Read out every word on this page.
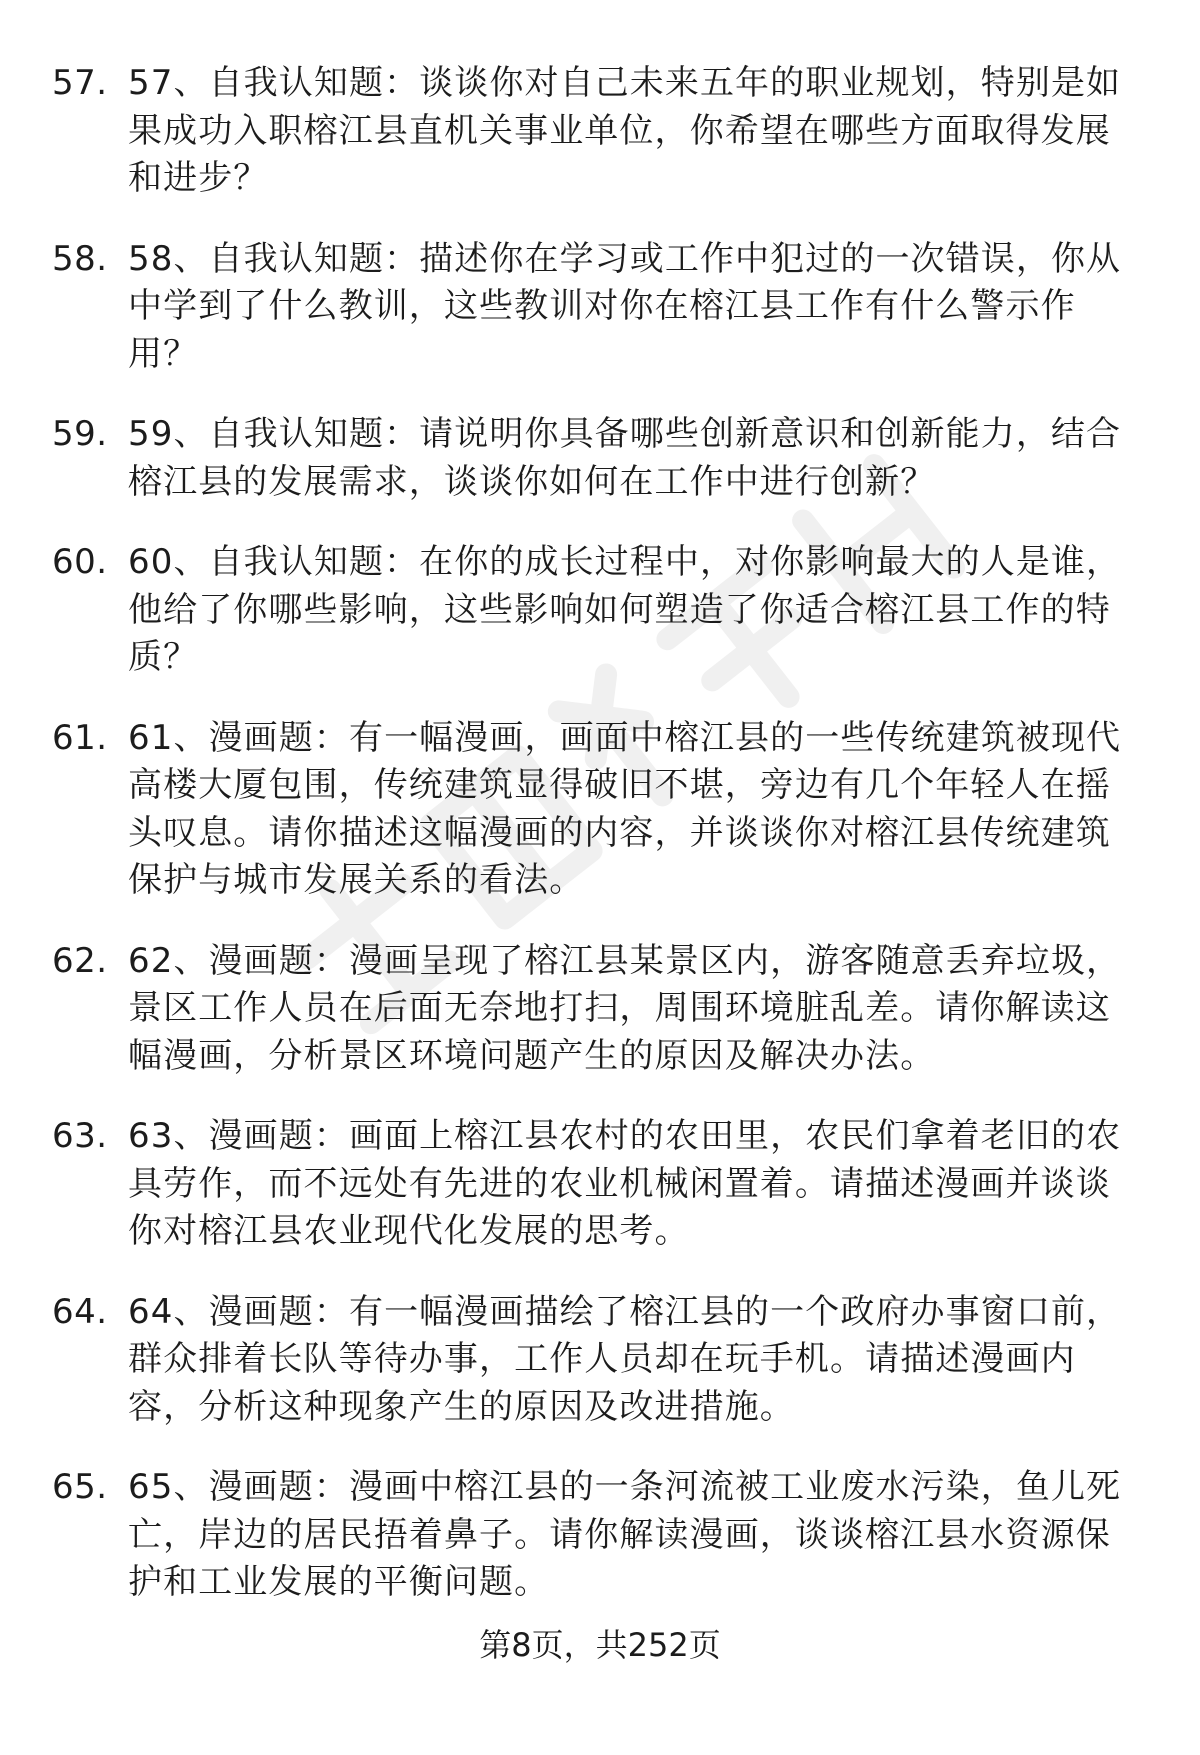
57. 57、自我认知题：谈谈你对自己未来五年的职业规划，特别是如果成功入职榕江县直机关事业单位，你希望在哪些方面取得发展和进步？
58. 58、自我认知题：描述你在学习或工作中犯过的一次错误，你从中学到了什么教训，这些教训对你在榕江县工作有什么警示作用？
59. 59、自我认知题：请说明你具备哪些创新意识和创新能力，结合榕江县的发展需求，谈谈你如何在工作中进行创新？
60. 60、自我认知题：在你的成长过程中，对你影响最大的人是谁，他给了你哪些影响，这些影响如何塑造了你适合榕江县工作的特质？
61. 61、漫画题：有一幅漫画，画面中榕江县的一些传统建筑被现代高楼大厦包围，传统建筑显得破旧不堪，旁边有几个年轻人在摇头叹息。请你描述这幅漫画的内容，并谈谈你对榕江县传统建筑保护与城市发展关系的看法。
62. 62、漫画题：漫画呈现了榕江县某景区内，游客随意丢弃垃圾，景区工作人员在后面无奈地打扫，周围环境脏乱差。请你解读这幅漫画，分析景区环境问题产生的原因及解决办法。
63. 63、漫画题：画面上榕江县农村的农田里，农民们拿着老旧的农具劳作，而不远处有先进的农业机械闲置着。请描述漫画并谈谈你对榕江县农业现代化发展的思考。
64. 64、漫画题：有一幅漫画描绘了榕江县的一个政府办事窗口前，群众排着长队等待办事，工作人员却在玩手机。请描述漫画内容，分析这种现象产生的原因及改进措施。
65. 65、漫画题：漫画中榕江县的一条河流被工业废水污染，鱼儿死亡，岸边的居民捂着鼻子。请你解读漫画，谈谈榕江县水资源保护和工业发展的平衡问题。
第8页，共252页
